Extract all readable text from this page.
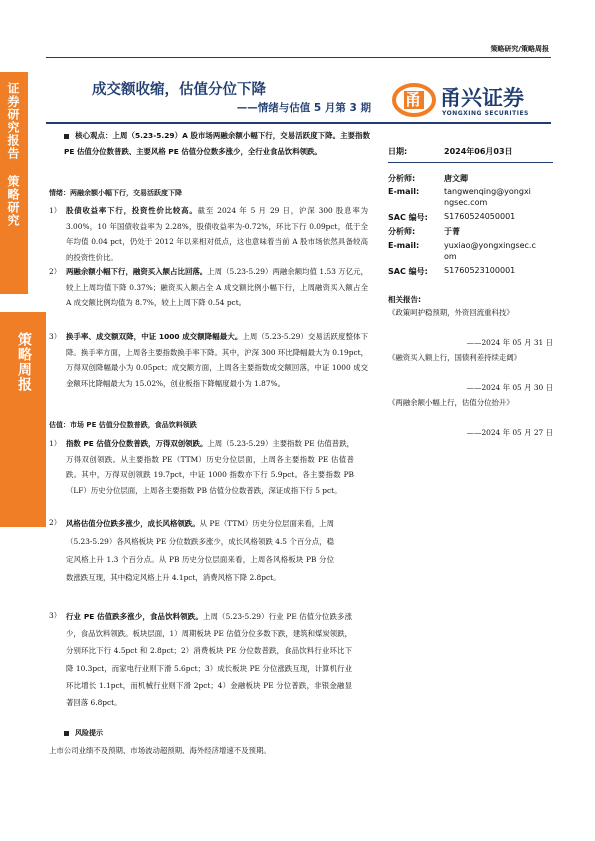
策略研究/策略周报
证券研究报告 策略研究
策略周报
成交额收缩，估值分位下降
——情绪与估值 5 月第 3 期 甬 甬兴证券
YONGXING SECURITIES
核心观点：上周（5.23-5.29）A 股市场两融余额小幅下行，交易活跃度下降。主要指数 PE 估值分位数普跌、主要风格 PE 估值分位数多涨少，全行业食品饮料领跌。
情绪：两融余额小幅下行，交易活跃度下降
1） 股债收益率下行，投资性价比较高。截至 2024 年 5 月 29 日，沪深 300 股息率为 3.00%，10 年国债收益率为 2.28%，股债收益率为-0.72%，环比下行 0.09pct，低于全年均值 0.04 pct，仍处于 2012 年以来相对低点，这也意味着当前 A 股市场依然具备较高的投资性价比。
2） 两融余额小幅下行，融资买入额占比回落。上周（5.23-5.29）两融余额均值 1.53 万亿元，较上上周均值下降 0.37%；融资买入额占全 A 成交额比例小幅下行，上周融资买入额占全 A 成交额比例均值为 8.7%，较上上周下降 0.54 pct。
3） 换手率、成交额双降，中证 1000 成交额降幅最大。上周（5.23-5.29）交易活跃度整体下降。换手率方面，上周各主要指数换手率下降。其中，沪深 300 环比降幅最大为 0.19pct，万得双创降幅最小为 0.05pct；成交额方面，上周各主要指数成交额回落，中证 1000 成交金额环比降幅最大为 15.02%，创业板指下降幅度最小为 1.87%。
估值：市场 PE 估值分位数普跌，食品饮料领跌
1） 指数 PE 估值分位数普跌，万得双创领跌。上周（5.23-5.29）主要指数 PE 估值普跌，万得双创领跌。从主要指数 PE（TTM）历史分位层面，上周各主要指数 PE 估值普跌。其中，万得双创领跌 19.7pct，中证 1000 指数亦下行 5.9pct。各主要指数 PB（LF）历史分位层面，上周各主要指数 PB 估值分位数普跌，深证成指下行 5 pct。
2） 风格估值分位跌多涨少，成长风格领跌。从 PE（TTM）历史分位层面来看，上周（5.23-5.29）各风格板块 PE 分位数跌多涨少，成长风格领跌 4.5 个百分点，稳定风格上升 1.3 个百分点。从 PB 历史分位层面来看，上周各风格板块 PB 分位数涨跌互现，其中稳定风格上升 4.1pct，消费风格下降 2.8pct。
3） 行业 PE 估值跌多涨少，食品饮料领跌。上周（5.23-5.29）行业 PE 估值分位跌多涨少，食品饮料领跌。板块层面，1）周期板块 PE 估值分位多数下跌，建筑和煤炭领跌，分别环比下行 4.5pct 和 2.8pct；2）消费板块 PE 分位数普跌，食品饮料行业环比下降 10.3pct，而家电行业则下滑 5.6pct；3）成长板块 PE 分位涨跌互现，计算机行业环比增长 1.1pct，而机械行业则下滑 2pct；4）金融板块 PE 分位普跌，非银金融显著回落 6.8pct。
风险提示
上市公司业绩不及预期、市场波动超预期、海外经济增速不及预期。
日期:	2024年06月03日
分析师:	唐文卿
E-mail:	tangwenqing@yongxi
ngsec.com
SAC 编号: S1760524050001
分析师:	于菁
E-mail:	yuxiao@yongxingsec.c
om
SAC 编号: S1760523100001
相关报告:
《政策呵护稳预期，外资回流重科技》
——2024 年 05 月 31 日
《融资买入额上行，国债利差持续走阔》
——2024 年 05 月 30 日
《两融余额小幅上行，估值分位抬升》
——2024 年 05 月 27 日
